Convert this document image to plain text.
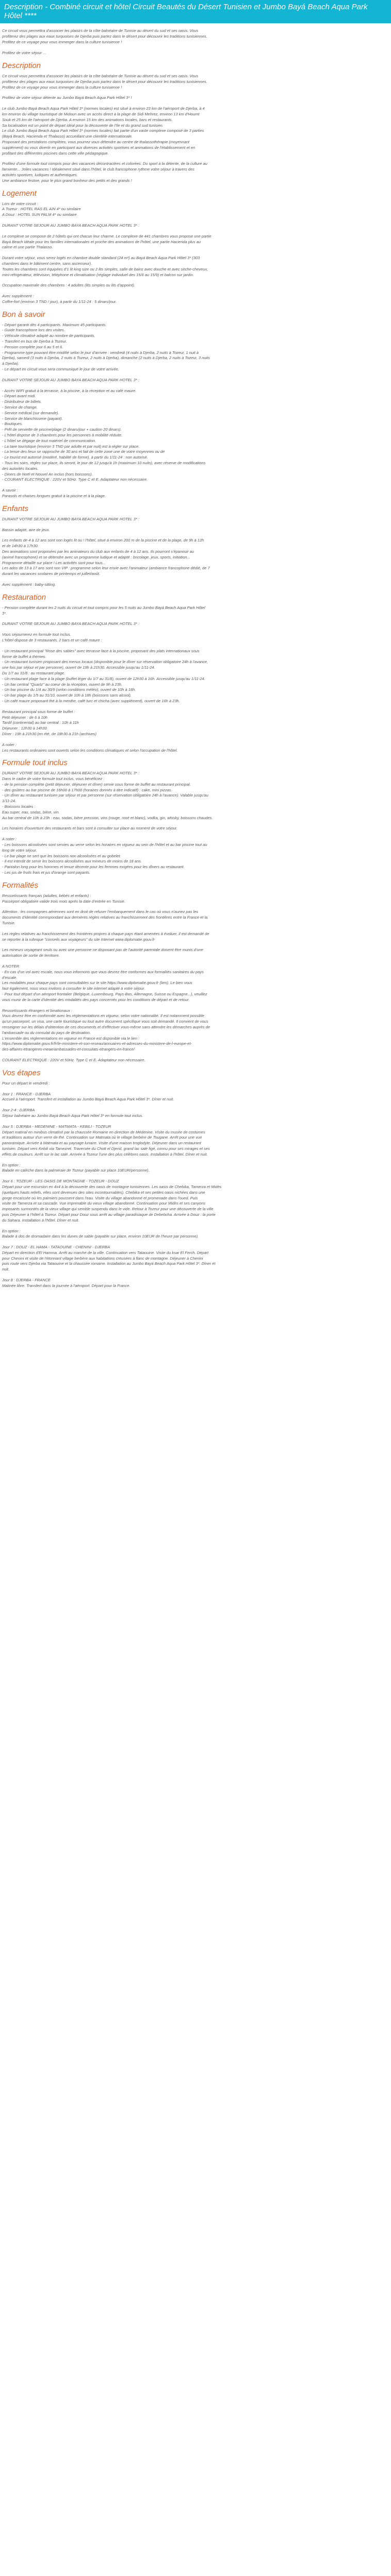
Description - Combiné circuit et hôtel Circuit Beautés du Désert Tunisien et Jumbo Bayá Beach Aqua Park Hôtel ****

Ce circuit vous permettra d'associer les plaisirs de la côte balnéaire de Tunisie au désert du sud et ses oasis. Vous
profiterez des plages aux eaux turquoises de Djerba puis partez dans le désert pour découvrir les traditions tunisiennes.
Profitez de ce voyage pour vous immerger dans la culture tunisienne !

Profitez de votre séjour ...

Description

Ce circuit vous permettra d'associer les plaisirs de la côte balnéaire de Tunisie au désert du sud et ses oasis. Vous
profiterez des plages aux eaux turquoises de Djerba puis partez dans le désert pour découvrir les traditions tunisiennes.
Profitez de ce voyage pour vous immerger dans la culture tunisienne !

Profitez de votre séjour détente au Jumbo Bayá Beach Aqua Park Hôtel 3* !

Le club Jumbo Bayá Beach Aqua Park Hôtel 3* (normes locales) est situé à environ 23 km de l'aéroport de Djerba, à 4
km environ du village touristique de Midoun avec un accès direct à la plage de Sidi Mehrez, environ 13 km d'Houmt
Souk et 25 km de l'aéroport de Djerba. A environ 15 km des animations locales, bars et restaurants.
Sa localisation est un point de départ idéal pour la découverte de l'île et du grand sud tunisien.
Le club Jumbo Bayá Beach Aqua Park Hôtel 3* (normes locales) fait partie d'un vaste complexe composé de 3 parties
(Bayá Beach, Hacienda et Thalasso) accueillant une clientèle internationale.
Proposant des prestations complètes, vous pourrez vous détendre au centre de thalassothérapie (moyennant
supplément) ou vous divertir en participant aux diverses activités sportives et animations de l'établissement et en
profitant des différentes piscines dans cette ville pédagogique.

Profitez d'une formule tout compris pour des vacances décontractées et colorées. Du sport à la détente, de la culture au
farniente... Jolies vacances ! Idéalement situé dans l'hôtel, le club francophone rythme votre séjour à travers des
activités sportives, ludiques et authentiques.
Une ambiance festive, pour le plus grand bonheur des petits et des grands !

Logement

Lors de votre circuit :
A Tozeur : HOTEL RAS EL AIN 4* ou similaire
A Douz : HOTEL SUN PALM 4* ou similaire

DURANT VOTRE SEJOUR AU JUMBO BAYA BEACH AQUA PARK HOTEL 3* :

Le complexe se compose de 2 hôtels qui ont chacun leur charme. Le complexe de 441 chambres vous propose une partie
Bayá Beach idéale pour les familles internationales et proche des animations de l'hôtel, une partie Hacienda plus au
calme et une partie Thalasso.

Durant votre séjour, vous serez logés en chambre double standard (24 m²) au Bayá Beach Aqua Park Hôtel 3* (303
chambres dans le bâtiment centre, sans ascenseur).
Toutes les chambres sont équipées d'1 lit king size ou 2 lits simples, salle de bains avec douche et avec sèche-cheveux,
mini-réfrigérateur, télévision, téléphone et climatisation (réglage individuel des 15/6 au 15/9) et balcon sur jardin.

Occupation maximale des chambres : 4 adultes (lits simples ou lits d'appoint).

Avec supplément :
Coffre-fort (environ 3 TND / jour), à partir du 1/11-24 : 5 dinars/jour.

Bon à savoir

- Départ garanti dès 4 participants. Maximum 45 participants.
- Guide francophone lors des visites.
- Véhicule climatisé adapté au nombre de participants.
- Transfert en bus de Djerba à Tozeur.
- Pension complète jour 6 au 5 et 6.
- Programme type pouvant être modifié selon le jour d'arrivée : vendredi (4 nuits à Djerba, 2 nuits à Tozeur, 1 nuit à
Djerba), samedi (3 nuits à Djerba, 2 nuits à Tozeur, 2 nuits à Djerba), dimanche (2 nuits à Djerba, 2 nuits à Tozeur, 3 nuits
à Djerba).
- Le départ en circuit vous sera communiqué le jour de votre arrivée.

DURANT VOTRE SEJOUR AU JUMBO BAYA BEACH AQUA PARK HOTEL 3* :

- Accès WIFI gratuit à la terrasse, à la piscine, à la réception et au café maure.
- Départ avant midi.
- Distributeur de billets.
- Service de change.
- Service médical (sur demande).
- Service de blanchisserie (payant).
- Boutiques.
- Prêt de serviette de piscine/plage (2 dinars/jour + caution 20 dinars).
- L'hôtel dispose de 3 chambres pour les personnes à mobilité réduite.
- L'hôtel se dégage de tout matériel de communication.
- La taxe touristique (environ 3 TND par adulte et par nuit) est à régler sur place.
- La tenue des lieux se rapproche de 30 ans et fait de cette zone une de votre moyennes ou de
- Le tourist est autorisé (modéré, habilité de forme), à partir du 1/11-24 : non autorisé.
- Tous les soirs, règles sur place, ils seront, le jour de 12 jusqu'à 1h (maximum 10 nuits), avec réserve de modifications
des autorités locales.
- Diners de Noël et Nouvel An inclus (hors boissons).
- COURANT ELECTRIQUE : 220V et 50Hz. Type C et E. Adaptateur non nécessaire.

A savoir :
Parasols et chaises longues gratuit à la piscine et à la plage.

Enfants

DURANT VOTRE SEJOUR AU JUMBO BAYA BEACH AQUA PARK HOTEL 3* :

Bassin adapté, aire de jeux.

Les enfants de 4 à 12 ans sont non logés lit ou ! l'hôtel, situé à environ 200 m de la piscine et de la plage, de 9h à 12h
et de 14h30 à 17h30.
Des animations sont proposées par les animateurs du club aux enfants de 4 à 12 ans. Ils pourront s'épanouir au
(animé francophone) et se détendre avec un programme ludique et adapté : bricolage, jeux, sports, initiation...
Programme détaillé sur place ! Les activités sont pour tous...
Les ados de 13 à 17 ans sont non VIP : programme selon leur envie avec l'animateur (ambiance francophone dédié, de 7
durant les vacances scolaires de printemps et juillet/août.

Avec supplément : baby-sitting.

Restauration

- Pension complète durant les 2 nuits du circuit et tout compris pour les 5 nuits au Jumbo Bayá Beach Aqua Park Hôtel
3*.

DURANT VOTRE SEJOUR AU JUMBO BAYA BEACH AQUA PARK HOTEL 3* :

Vous séjournerez en formule tout inclus.
L'hôtel dispose de 3 restaurants, 2 bars et un café maure :

- Un restaurant principal "Rose des sables" avec terrasse face à la piscine, proposant des plats internationaux sous
forme de buffet à thèmes.
- Un restaurant tunisien proposant des menus locaux (disponible pour le dîner sur réservation obligatoire 24h à l'avance,
une fois par séjour et par personne), ouvert de 19h à 21h30. Accessible jusqu'au 1/11-24.
Du 1/7 au 31/8 : au restaurant plage.
- Un restaurant plage face à la plage (buffet léger du 1/7 au 31/8), ouvert de 12h30 à 16h. Accessible jusqu'au 1/11-24.
- Un bar central "Quartz" au coeur de la réception, ouvert de 9h à 23h.
- Un bar piscine du 1/4 au 30/9 (selon conditions météo), ouvert de 10h à 18h.
- Un bar plage du 1/5 au 31/10, ouvert de 10h à 18h (boissons sans alcool).
- Un café maure proposant thé à la menthe, café turc et chicha (avec supplément), ouvert de 16h à 23h.

Restaurant principal sous forme de buffet :
Petit déjeuner : de 6 à 10h
Tardif (continental) au bar central : 10h à 11h
Déjeuner : 12h30 à 14h30
Dîner : 19h à 21h30 (en été, de 18h30 à 21h (archives)

A noter :
Les restaurants ordinaires sont ouverts selon les conditions climatiques et selon l'occupation de l'hôtel.

Formule tout inclus

DURANT VOTRE SEJOUR AU JUMBO BAYA BEACH AQUA PARK HOTEL 3* :
Dans le cadre de votre formule tout inclus, vous bénéficiez :
- de la pension complète (petit déjeuner, déjeuner et dîner) servie sous forme de buffet au restaurant principal.
- des goûters au bar piscine de 16h00 à 17h00 (horaires donnés à titre indicatif) : cake, mini pizzas.
- Un dîner au restaurant tunisien par séjour et par personne (sur réservation obligatoire 24h à l'avance). Valable jusqu'au
1/11-24.
- Boissons locales :
Eau super, eau, sodas, bière, vin.
Au bar central de 10h à 23h : eau, sodas, bière pression, vins (rouge, rosé et blanc), vodka, gin, whisky, boissons chaudes.

Les horaires d'ouverture des restaurants et bars sont à consulter sur place au moment de votre séjour.

A noter :
- Les boissons alcoolisées sont servies au verre selon les horaires en vigueur au sein de l'hôtel et au bar piscine tout au
long de votre séjour.
- Le bar plage ne sert que les boissons non alcoolisées et au gobelet.
- Il est interdit de servir les boissons alcoolisées aux mineurs de moins de 18 ans.
- Pantalon long pour les hommes et tenue décente pour les femmes exigées pour les dîners au restaurant.
- Les jus de fruits frais et jus d'orange sont payants.

Formalités

Ressortissants français (adultes, bébés et enfants) :
Passeport obligatoire valide trois mois après la date d'entrée en Tunisie.

Attention : les compagnies aériennes sont en droit de refuser l'embarquement dans le cas où vous n'auriez pas les
documents d'identité correspondant aux dernières règles relatives au franchissement des frontières entre la France et la
Tunisie.

Les règles relatives au franchissement des frontières propres à chaque pays étant amenées à évoluer, il est demandé de
se reporter à la rubrique "conseils aux voyageurs" du site Internet www.diplomatie.gouv.fr

Les mineurs voyageant seuls ou avec une personne ne disposant pas de l'autorité parentale doivent être munis d'une
autorisation de sortie de territoire.

A NOTER
- En cas d'un vol avec escale, nous vous informons que vous devrez être conformes aux formalités sanitaires du pays
d'escale.
Les modalités pour chaque pays sont consultables sur le site https://www.diplomatie.gouv.fr (lien). Le bien vous
faut également, nous vous invitons à consulter le site internet adapté à votre séjour.
- Pour tout départ d'un aéroport frontalier (Belgique, Luxembourg, Pays-Bas, Allemagne, Suisse ou Espagne...), veuillez
vous munir de la carte d'identité des modalités des pays concernés pour les conditions de départ et de retour.

Ressortissants étrangers et binationaux :
Vous devrez être en conformité avec les réglementations en vigueur, selon votre nationalité. Il est notamment possible
qu'un passeport, un visa, une carte touristique ou tout autre document spécifique vous soit demandé. Il convient de vous
renseigner sur les délais d'obtention de ces documents et d'effectuer vous-même sans attendre les démarches auprès de
l'ambassade ou du consulat du pays de destination.
L'ensemble des réglementations en vigueur en France est disponible via le lien :
https://www.diplomatie.gouv.fr/fr/le-ministere-et-son-reseau/annuaires-et-adresses-du-ministere-de-l-europe-et-
des-affaires-etrangeres-meae/ambassades-et-consulats-etrangers-en-france/

COURANT ELECTRIQUE : 220V et 50Hz. Type C et E. Adaptateur non nécessaire.

Vos étapes

Pour un départ le vendredi :

Jour 1 : FRANCE - DJERBA
Accueil à l'aéroport. Transfert et installation au Jumbo Bayá Beach Aqua Park Hôtel 3*. Dîner et nuit.

Jour 2-4 : DJERBA
Séjour balnéaire au Jumbo Bayá Beach Aqua Park Hôtel 3* en formule tout inclus.

Jour 5 : DJERBA - MEDENINE - MATMATA - KEBILI - TOZEUR
Départ matinal en minibus climatisé par la chaussée Romaine en direction de Médenine. Visite du musée de costumes
et traditions autour d'un verre de thé. Continuation sur Matmata où le village berbère de Tougane. Arrêt pour une vue
panoramique. Arrivée à Matmata et au paysage lunaire. Visite d'une maison troglodyte. Déjeuner dans un restaurant
tunisien. Départ vers Kebili via Tamezret. Traversée du Chott el Djerid, grand lac salé figé, connu pour ses mirages et ses
effets de couleurs. Arrêt sur le lac salé. Arrivée à Tozeur l'une des plus célèbres oasis. Installation à l'hôtel. Dîner et nuit.

En option :
Balade en calèche dans la palmeraie de Tozeur (payable sur place 10EUR/personne).

Jour 6 : TOZEUR - LES OASIS DE MONTAGNE - TOZEUR - DOUZ
Départ pour une excursion en 4x4 à la découverte des oasis de montagne tunisiennes. Les oasis de Chebika, Tamerza et Midès
(quelques hauts reliefs, elles sont devenues des sites incontournables). Chebika et ses petites oasis nichées dans une
gorge encaissée où les palmiers poussent dans l'eau. Visite du village abandonné et promenade dans l'oued. Puis
visite de Tamerza et sa cascade. Vue imprenable du vieux village abandonné. Continuation pour Midès et ses canyons
imposants surmontés de la vieux village qui semble suspendu dans le vide. Retour à Tozeur pour une découverte de la ville
puis Déjeuner à l'hôtel à Tozeur. Départ pour Douz sous arrêt au village paradisiaque de Debebcha. Arrivée à Douz : la porte
du Sahara. Installation à l'hôtel. Dîner et nuit.

En option :
Balade à dos de dromadaire dans les dunes de sable (payable sur place, environ 10EUR de l'heure par personne).

Jour 7 : DOUZ - EL HAMA - TATAOUINE - CHENINI - DJERBA
Départ en direction d'El Hamma. Arrêt au marché de la ville. Continuation vers Tataouine. Visite du ksar El Ferch. Départ
pour Chenini et visite de l'étonnant village berbère aux habitations creusées à flanc de montagne. Déjeuner à Chenini
puis route vers Djerba via Tataouine et la chaussée romaine. Installation au Jumbo Bayá Beach Aqua Park Hôtel 3*. Dîner et
nuit.

Jour 8 : DJERBA - FRANCE
Matinée libre. Transfert dans la journée à l'aéroport. Départ pour la France.
